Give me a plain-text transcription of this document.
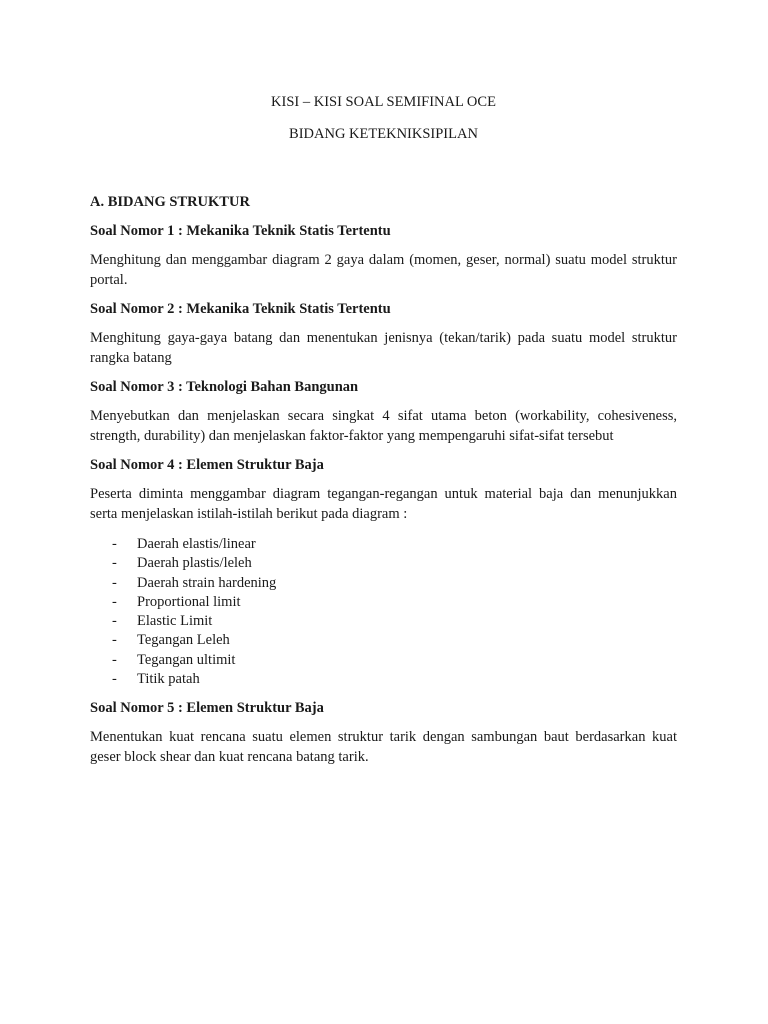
KISI – KISI SOAL SEMIFINAL OCE

BIDANG KETEKNIKSIPILAN

A. BIDANG STRUKTUR

Soal Nomor 1 : Mekanika Teknik Statis Tertentu

Menghitung dan menggambar diagram 2 gaya dalam (momen, geser, normal) suatu model struktur portal.

Soal Nomor 2 : Mekanika Teknik Statis Tertentu

Menghitung gaya-gaya batang dan menentukan jenisnya (tekan/tarik) pada suatu model struktur rangka batang

Soal Nomor 3 : Teknologi Bahan Bangunan

Menyebutkan dan menjelaskan secara singkat 4 sifat utama beton (workability, cohesiveness, strength, durability) dan menjelaskan faktor-faktor yang mempengaruhi sifat-sifat tersebut

Soal Nomor 4 : Elemen Struktur Baja

Peserta diminta menggambar diagram tegangan-regangan untuk material baja dan menunjukkan serta menjelaskan istilah-istilah berikut pada diagram :

-	Daerah elastis/linear
-	Daerah plastis/leleh
-	Daerah strain hardening
-	Proportional limit
-	Elastic Limit
-	Tegangan Leleh
-	Tegangan ultimit
-	Titik patah

Soal Nomor 5 : Elemen Struktur Baja

Menentukan kuat rencana suatu elemen struktur tarik dengan sambungan baut berdasarkan kuat geser block shear dan kuat rencana batang tarik.
